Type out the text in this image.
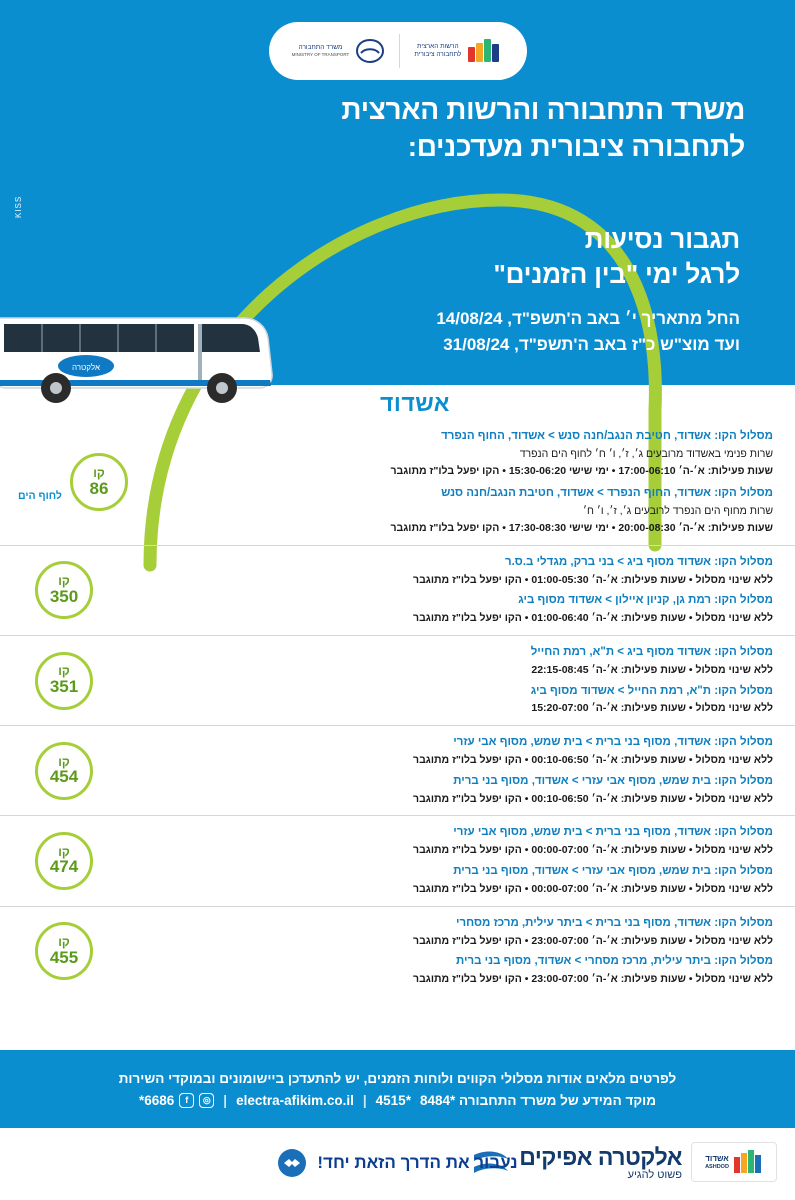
הרשות הארצית
לתחבורה ציבורית
משרד התחבורה
MINISTRY OF TRANSPORT
משרד התחבורה והרשות הארצית
לתחבורה ציבורית מעדכנים:
KISS
תגבור נסיעות
לרגל ימי "בין הזמנים"
החל מתאריך י׳ באב ה'תשפ"ד, 14/08/24
ועד מוצ"ש כ"ז באב ה'תשפ"ד, 31/08/24
אלקטרה
אשדוד
קו
86
לחוף הים
מסלול הקו: אשדוד, חטיבת הנגב/חנה סנש > אשדוד, החוף הנפרד
שרות פנימי באשדוד מרובעים ג׳, ז׳, ו׳ ח׳ לחוף הים הנפרד
שעות פעילות: א׳-ה׳ 17:00-06:10 • ימי שישי 15:30-06:20 • הקו יפעל בלו"ז מתוגבר
מסלול הקו: אשדוד, החוף הנפרד > אשדוד, חטיבת הנגב/חנה סנש
שרות מחוף הים הנפרד לרובעים ג׳, ז׳, ו׳ ח׳
שעות פעילות: א׳-ה׳ 20:00-08:30 • ימי שישי 17:30-08:30 • הקו יפעל בלו"ז מתוגבר
קו
350
מסלול הקו: אשדוד מסוף ביג > בני ברק, מגדלי ב.ס.ר
ללא שינוי מסלול • שעות פעילות: א׳-ה׳ 01:00-05:30 • הקו יפעל בלו"ז מתוגבר
מסלול הקו: רמת גן, קניון איילון > אשדוד מסוף ביג
ללא שינוי מסלול • שעות פעילות: א׳-ה׳ 01:00-06:40 • הקו יפעל בלו"ז מתוגבר
קו
351
מסלול הקו: אשדוד מסוף ביג > ת"א, רמת החייל
ללא שינוי מסלול • שעות פעילות: א׳-ה׳ 22:15-08:45
מסלול הקו: ת"א, רמת החייל > אשדוד מסוף ביג
ללא שינוי מסלול • שעות פעילות: א׳-ה׳ 15:20-07:00
קו
454
מסלול הקו: אשדוד, מסוף בני ברית > בית שמש, מסוף אבי עזרי
ללא שינוי מסלול • שעות פעילות: א׳-ה׳ 00:10-06:50 • הקו יפעל בלו"ז מתוגבר
מסלול הקו: בית שמש, מסוף אבי עזרי > אשדוד, מסוף בני ברית
ללא שינוי מסלול • שעות פעילות: א׳-ה׳ 00:10-06:50 • הקו יפעל בלו"ז מתוגבר
קו
474
מסלול הקו: אשדוד, מסוף בני ברית > בית שמש, מסוף אבי עזרי
ללא שינוי מסלול • שעות פעילות: א׳-ה׳ 00:00-07:00 • הקו יפעל בלו"ז מתוגבר
מסלול הקו: בית שמש, מסוף אבי עזרי > אשדוד, מסוף בני ברית
ללא שינוי מסלול • שעות פעילות: א׳-ה׳ 00:00-07:00 • הקו יפעל בלו"ז מתוגבר
קו
455
מסלול הקו: אשדוד, מסוף בני ברית > ביתר עילית, מרכז מסחרי
ללא שינוי מסלול • שעות פעילות: א׳-ה׳ 23:00-07:00 • הקו יפעל בלו"ז מתוגבר
מסלול הקו: ביתר עילית, מרכז מסחרי > אשדוד, מסוף בני ברית
ללא שינוי מסלול • שעות פעילות: א׳-ה׳ 23:00-07:00 • הקו יפעל בלו"ז מתוגבר
לפרטים מלאים אודות מסלולי הקווים ולוחות הזמנים, יש להתעדכן ביישומונים ובמוקדי השירות
◎
f
6686*	| electra-afikim.co.il | *4515 מוקד המידע של משרד התחבורה *8484
אלקטרה אפיקים
פשוט להגיע
אשדוד
ASHDOD
נעבור את הדרך הזאת יחד!
